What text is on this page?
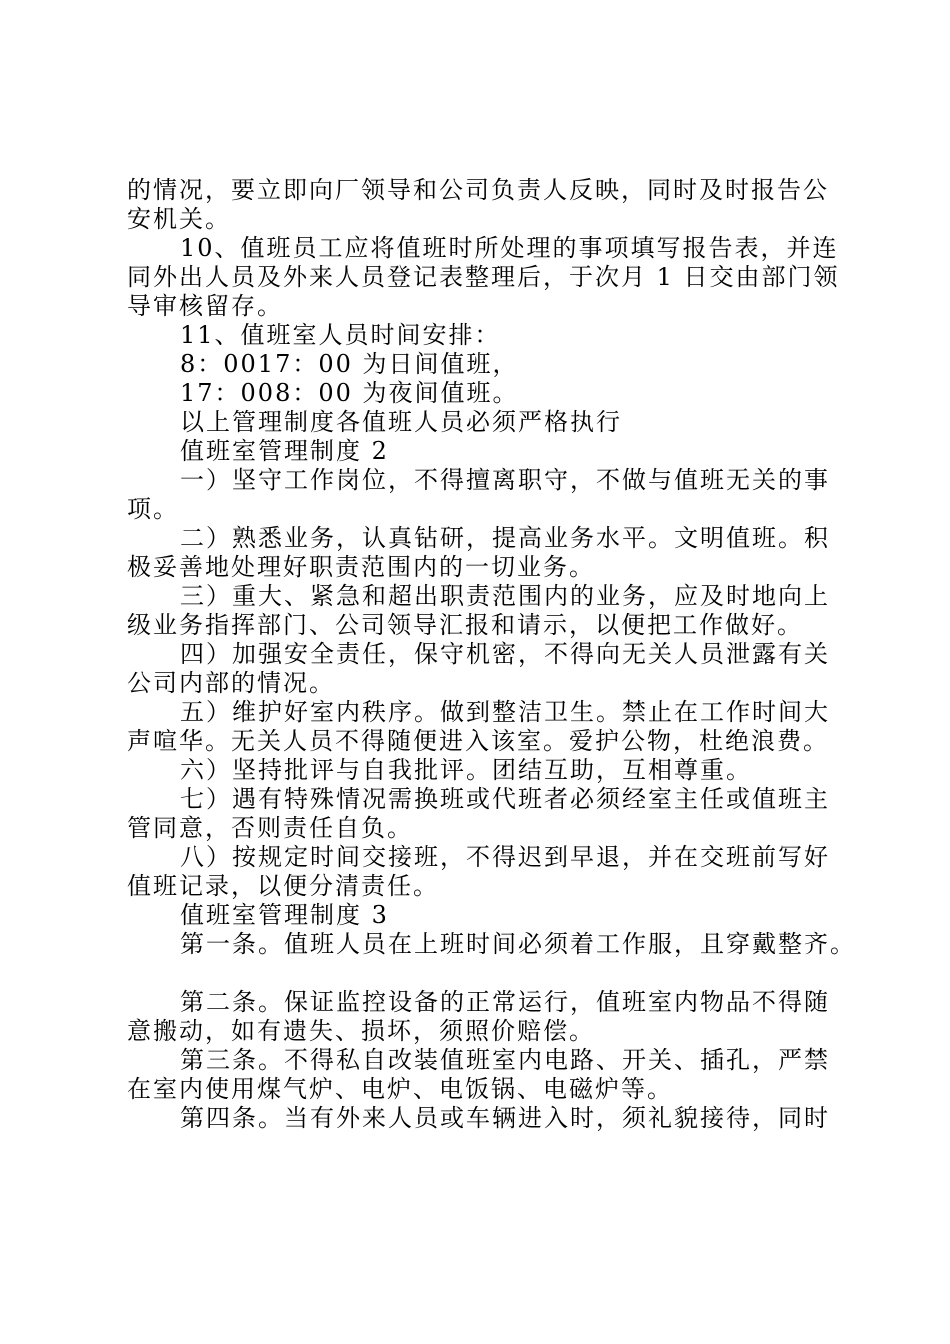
的情况，要立即向厂领导和公司负责人反映，同时及时报告公
安机关。

10、值班员工应将值班时所处理的事项填写报告表，并连
同外出人员及外来人员登记表整理后，于次月 1 日交由部门领
导审核留存。

11、值班室人员时间安排：

8：0017：00 为日间值班，

17：008：00 为夜间值班。

以上管理制度各值班人员必须严格执行

值班室管理制度 2

一）坚守工作岗位，不得擅离职守，不做与值班无关的事
项。

二）熟悉业务，认真钻研，提高业务水平。文明值班。积
极妥善地处理好职责范围内的一切业务。

三）重大、紧急和超出职责范围内的业务，应及时地向上
级业务指挥部门、公司领导汇报和请示，以便把工作做好。

四）加强安全责任，保守机密，不得向无关人员泄露有关
公司内部的情况。

五）维护好室内秩序。做到整洁卫生。禁止在工作时间大
声喧华。无关人员不得随便进入该室。爱护公物，杜绝浪费。

六）坚持批评与自我批评。团结互助，互相尊重。

七）遇有特殊情况需换班或代班者必须经室主任或值班主
管同意，否则责任自负。

八）按规定时间交接班，不得迟到早退，并在交班前写好
值班记录，以便分清责任。

值班室管理制度 3

第一条。值班人员在上班时间必须着工作服，且穿戴整齐。

第二条。保证监控设备的正常运行，值班室内物品不得随
意搬动，如有遗失、损坏，须照价赔偿。

第三条。不得私自改装值班室内电路、开关、插孔，严禁
在室内使用煤气炉、电炉、电饭锅、电磁炉等。

第四条。当有外来人员或车辆进入时，须礼貌接待，同时
